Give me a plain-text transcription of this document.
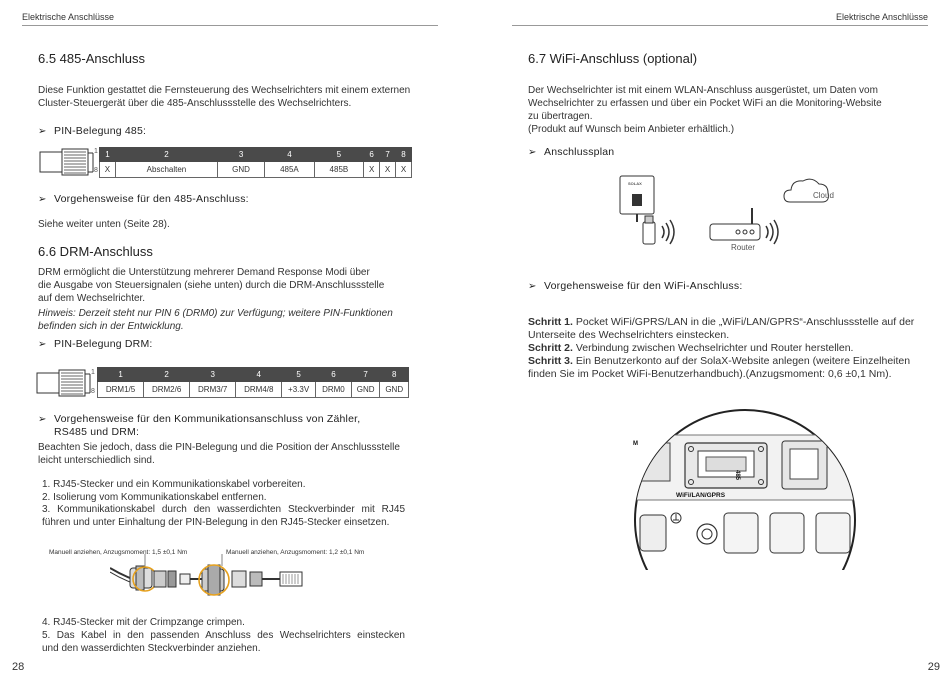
Elektrische Anschlüsse
6.5 485-Anschluss
Diese Funktion gestattet die Fernsteuerung des Wechselrichters mit einem externen
Cluster-Steuergerät über die 485-Anschlussstelle des Wechselrichters.
➢ PIN-Belegung 485:
1
8
1	2	3	4	5	6	7	8
X	Abschalten	GND	485A	485B	X	X	X
➢ Vorgehensweise für den 485-Anschluss:
Siehe weiter unten (Seite 28).
6.6 DRM-Anschluss
DRM ermöglicht die Unterstützung mehrerer Demand Response Modi über
die Ausgabe von Steuersignalen (siehe unten) durch die DRM-Anschlussstelle
auf dem Wechselrichter.
Hinweis: Derzeit steht nur PIN 6 (DRM0) zur Verfügung; weitere PIN-Funktionen
befinden sich in der Entwicklung.
➢ PIN-Belegung DRM:
1
8
1	2	3	4	5	6	7	8
DRM1/5	DRM2/6	DRM3/7	DRM4/8	+3.3V	DRM0	GND	GND
➢ Vorgehensweise für den Kommunikationsanschluss von Zähler,
RS485 und DRM:
Beachten Sie jedoch, dass die PIN-Belegung und die Position der Anschlussstelle
leicht unterschiedlich sind.
1. RJ45-Stecker und ein Kommunikationskabel vorbereiten.
2. Isolierung vom Kommunikationskabel entfernen.
3. Kommunikationskabel durch den wasserdichten Steckverbinder mit RJ45
führen und unter Einhaltung der PIN-Belegung in den RJ45-Stecker einsetzen.
Manuell anziehen, Anzugsmoment: 1,5 ±0,1 Nm	Manuell anziehen, Anzugsmoment: 1,2 ±0,1 Nm
4. RJ45-Stecker mit der Crimpzange crimpen.
5. Das Kabel in den passenden Anschluss des Wechselrichters einstecken
und den wasserdichten Steckverbinder anziehen.
28
Elektrische Anschlüsse
6.7 WiFi-Anschluss (optional)
Der Wechselrichter ist mit einem WLAN-Anschluss ausgerüstet, um Daten vom
Wechselrichter zu erfassen und über ein Pocket WiFi an die Monitoring-Website
zu übertragen.
(Produkt auf Wunsch beim Anbieter erhältlich.)
➢ Anschlussplan
SOLAX
Cloud
Router
➢ Vorgehensweise für den WiFi-Anschluss:
Schritt 1. Pocket WiFi/GPRS/LAN in die „WiFi/LAN/GPRS“-Anschlussstelle auf der
Unterseite des Wechselrichters einstecken.
Schritt 2. Verbindung zwischen Wechselrichter und Router herstellen.
Schritt 3. Ein Benutzerkonto auf der SolaX-Website anlegen (weitere Einzelheiten
finden Sie im Pocket WiFi-Benutzerhandbuch).(Anzugsmoment: 0,6 ±0,1 Nm).
WiFi/LAN/GPRS
M
485
29
